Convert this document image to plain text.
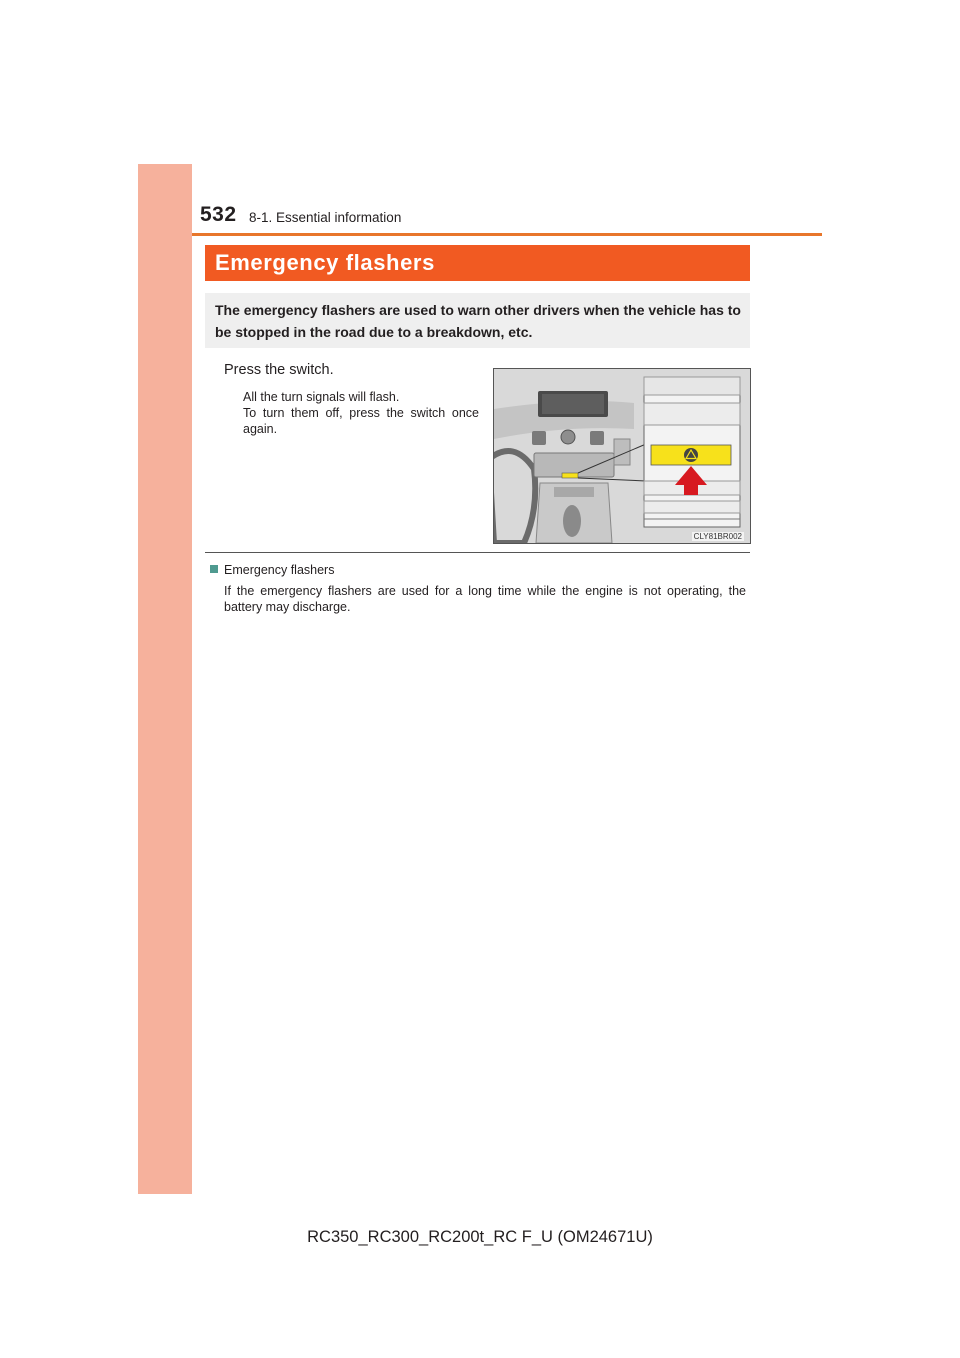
532 8-1. Essential information
Emergency flashers
The emergency flashers are used to warn other drivers when the vehicle has to be stopped in the road due to a breakdown, etc.
Press the switch.
All the turn signals will flash.
To turn them off, press the switch once again.
CLY81BR002
Emergency flashers
If the emergency flashers are used for a long time while the engine is not operating, the battery may discharge.
RC350_RC300_RC200t_RC F_U (OM24671U)
